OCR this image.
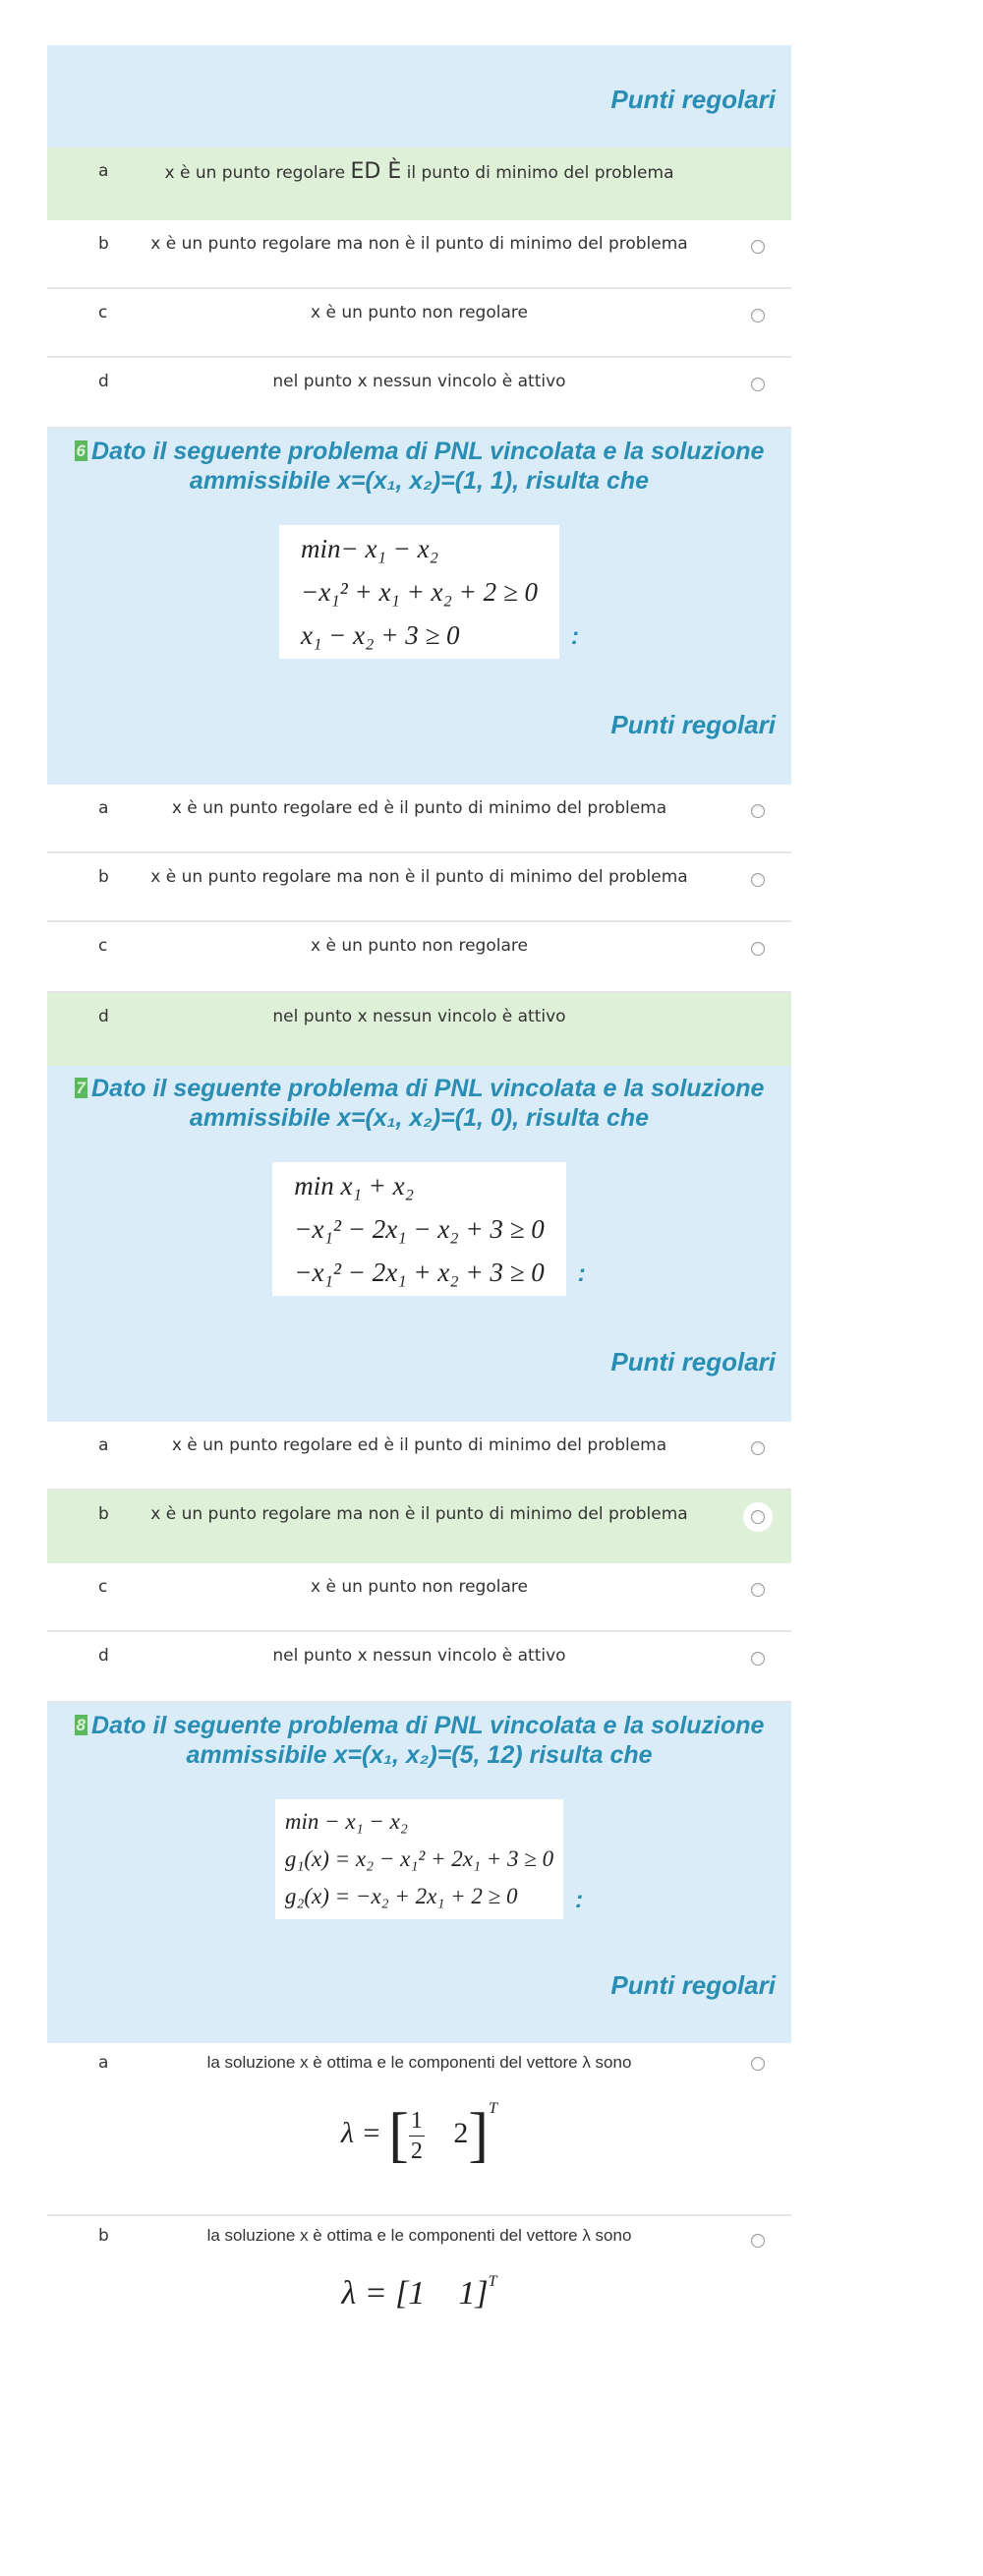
Punti regolari
a	x è un punto regolare ED È il punto di minimo del problema
b	x è un punto regolare ma non è il punto di minimo del problema
c	x è un punto non regolare
d	nel punto x nessun vincolo è attivo
6 Dato il seguente problema di PNL vincolata e la soluzione
ammissibile x=(x₁, x₂)=(1, 1), risulta che
min− x₁ − x₂
−x₁² + x₁ + x₂ + 2 ≥ 0
x₁ − x₂ + 3 ≥ 0	:
Punti regolari
a	x è un punto regolare ed è il punto di minimo del problema
b	x è un punto regolare ma non è il punto di minimo del problema
c	x è un punto non regolare
d	nel punto x nessun vincolo è attivo
7 Dato il seguente problema di PNL vincolata e la soluzione
ammissibile x=(x₁, x₂)=(1, 0), risulta che
min x₁ + x₂
−x₁² − 2x₁ − x₂ + 3 ≥ 0
−x₁² − 2x₁ + x₂ + 3 ≥ 0 :
Punti regolari
a	x è un punto regolare ed è il punto di minimo del problema
b	x è un punto regolare ma non è il punto di minimo del problema
c	x è un punto non regolare
d	nel punto x nessun vincolo è attivo
8 Dato il seguente problema di PNL vincolata e la soluzione
ammissibile x=(x₁, x₂)=(5, 12) risulta che
min − x₁ − x₂
g₁(x) = x₂ − x₁² + 2x₁ + 3 ≥ 0
g₂(x) = −x₂ + 2x₁ + 2 ≥ 0	:
Punti regolari
a	la soluzione x è ottima e le componenti del vettore λ sono
λ = [ $\frac{1}{2} 2]^T$
b	la soluzione x è ottima e le componenti del vettore λ sono
λ = [1    1]$^T$
